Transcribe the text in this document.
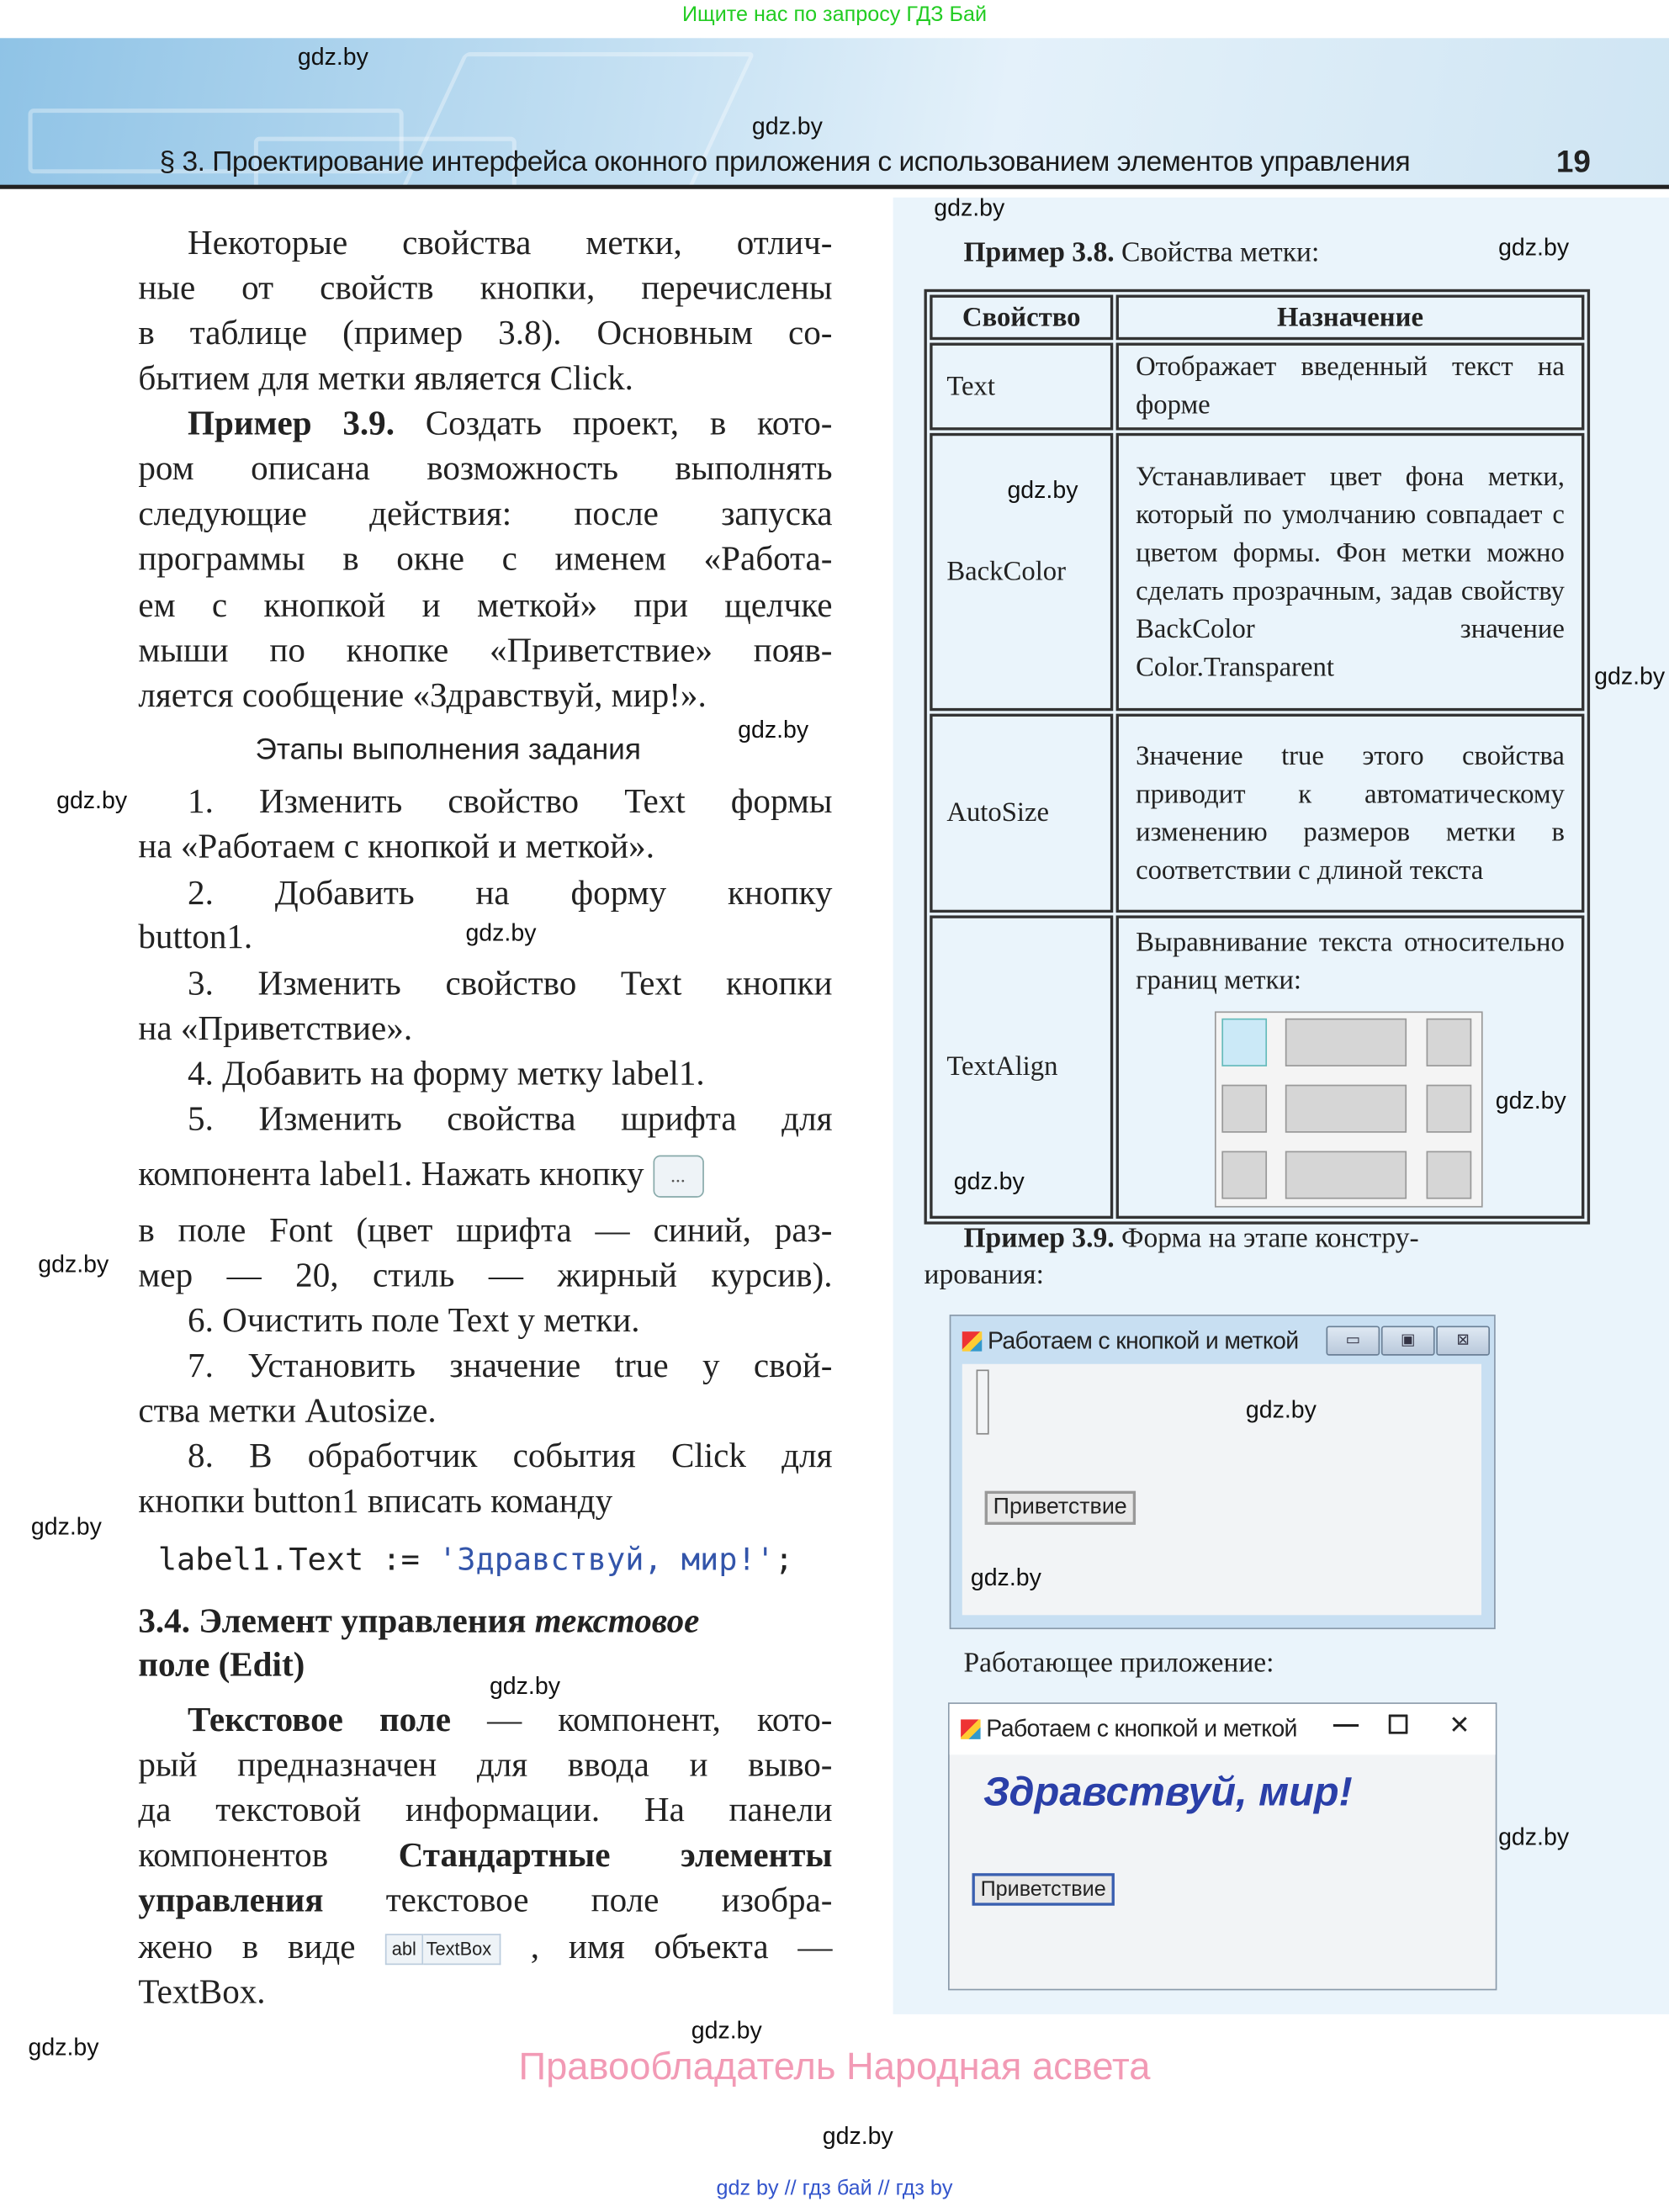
Ищите нас по запросу ГДЗ Бай
§ 3. Проектирование интерфейса оконного приложения с использованием элементов управления	19
Некоторые свойства метки, отлич-
ные от свойств кнопки, перечислены
в таблице (пример 3.8). Основным со-
бытием для метки является Click.
Пример 3.9. Создать проект, в кото-
ром описана возможность выполнять
следующие действия: после запуска
программы в окне с именем «Работа-
ем с кнопкой и меткой» при щелчке
мыши по кнопке «Приветствие» появ-
ляется сообщение «Здравствуй, мир!».
1. Изменить свойство Text формы
на «Работаем с кнопкой и меткой».
2. Добавить на форму кнопку
button1.
3. Изменить свойство Text кнопки
на «Приветствие».
4. Добавить на форму метку label1.
5. Изменить свойства шрифта для
компонента label1. Нажать кнопку ...
в поле Font (цвет шрифта — синий, раз-
мер — 20, стиль — жирный курсив).
6. Очистить поле Text у метки.
7. Установить значение true у свой-
ства метки Autosize.
8. В обработчик события Click для
кнопки button1 вписать команду
label1.Text := 'Здравствуй, мир!';
3.4. Элемент управления текстовое
поле (Edit)
Текстовое поле — компонент, кото-
рый предназначен для ввода и выво-
да текстовой информации. На панели
компонентов Стандартные элементы
управления текстовое поле изобра-
жено в виде abl TextBox , имя объекта —
TextBox.
Этапы выполнения задания
Пример 3.8. Свойства метки:
Свойство	Назначение
Text	Отображает введенный текст на форме
BackColor	Устанавливает цвет фона метки, который по умолчанию совпадает с цветом формы. Фон метки можно сделать прозрачным, задав свойству BackColor значение Color.Transparent
AutoSize	Значение true этого свойства приводит к автоматическому изменению размеров метки в соответствии с длиной текста
TextAlign	Выравнивание текста относительно границ метки:
Пример 3.9. Форма на этапе констру-
ирования:
Работаем с кнопкой и меткой	▭	▣	⊠
Приветствие
Работающее приложение:
Работаем с кнопкой и меткой — ☐	✕
Здравствуй, мир!
Приветствие
gdz.by
gdz.by
gdz.by
gdz.by
gdz.by
gdz.by
gdz.by
gdz.by
gdz.by
gdz.by
gdz.by
gdz.by
gdz.by
gdz.by
gdz.by
gdz.by
gdz.by
gdz.by
gdz.by
gdz.by
Правообладатель Народная асвета
gdz by // гдз бай // гдз by
